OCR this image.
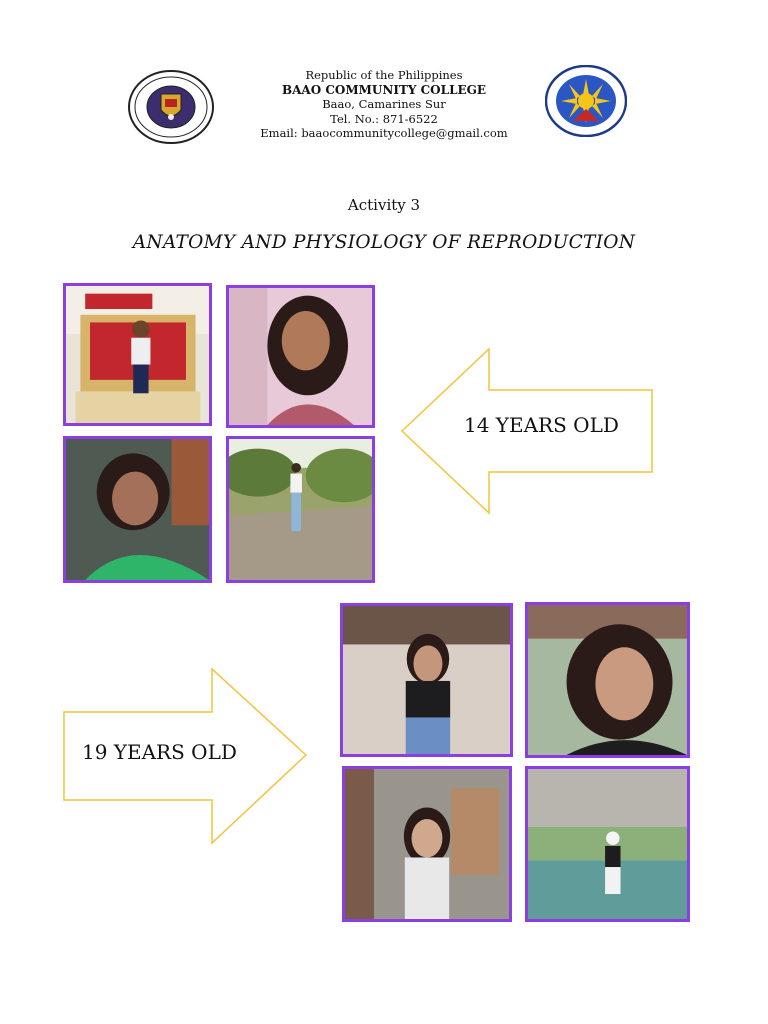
Republic of the Philippines
BAAO COMMUNITY COLLEGE
Baao, Camarines Sur
Tel. No.: 871-6522
Email: baaocommunitycollege@gmail.com
Activity 3
ANATOMY AND PHYSIOLOGY OF REPRODUCTION
14 YEARS OLD
19 YEARS OLD
